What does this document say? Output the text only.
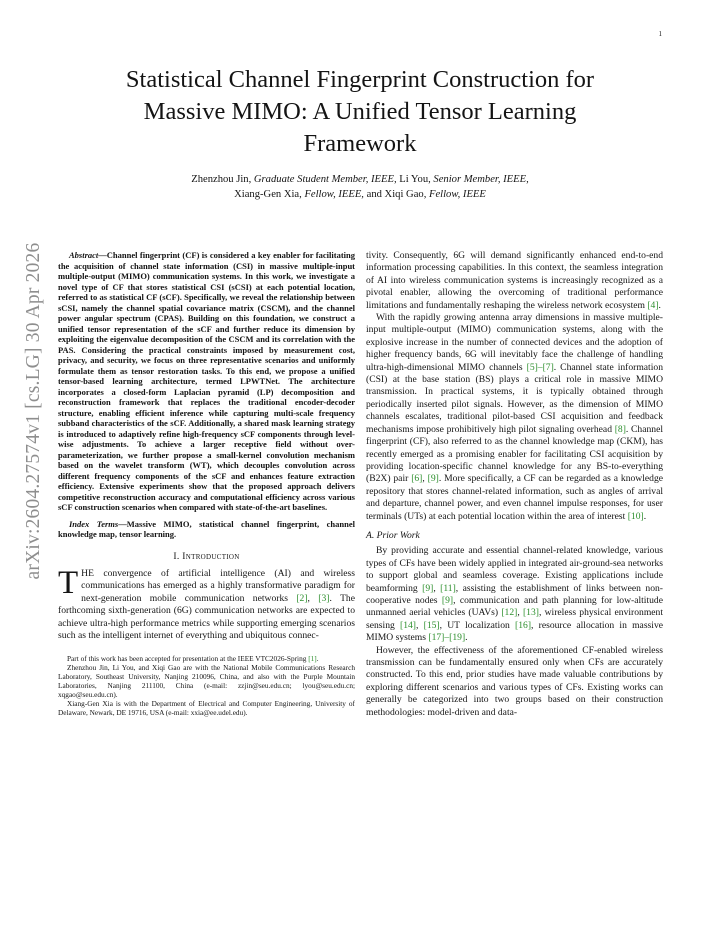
1
arXiv:2604.27574v1 [cs.LG] 30 Apr 2026
Statistical Channel Fingerprint Construction for
Massive MIMO: A Unified Tensor Learning
Framework
Zhenzhou Jin, Graduate Student Member, IEEE, Li You, Senior Member, IEEE,
Xiang-Gen Xia, Fellow, IEEE, and Xiqi Gao, Fellow, IEEE

Abstract—Channel fingerprint (CF) is considered a key enabler for facilitating the acquisition of channel state information (CSI) in massive multiple-input multiple-output (MIMO) communication systems. In this work, we investigate a novel type of CF that stores statistical CSI (sCSI) at each potential location, referred to as statistical CF (sCF). Specifically, we reveal the relationship between sCSI, namely the channel spatial covariance matrix (CSCM), and the channel power angular spectrum (CPAS). Building on this foundation, we construct a unified tensor representation of the sCF and further reduce its dimension by exploiting the eigenvalue decomposition of the CSCM and its correlation with the PAS. Considering the practical constraints imposed by measurement cost, privacy, and security, we focus on three representative scenarios and uniformly formulate them as tensor restoration tasks. To this end, we propose a unified tensor-based learning architecture, termed LPWTNet. The architecture incorporates a closed-form Laplacian pyramid (LP) decomposition and reconstruction framework that replaces the traditional encoder-decoder structure, enabling efficient inference while capturing multi-scale frequency subband characteristics of the sCF. Additionally, a shared mask learning strategy is introduced to adaptively refine high-frequency sCF components through level-wise adjustments. To achieve a larger receptive field without over-parameterization, we further propose a small-kernel convolution mechanism based on the wavelet transform (WT), which decouples convolution across different frequency components of the sCF and enhances feature extraction efficiency. Extensive experiments show that the proposed approach delivers competitive reconstruction accuracy and computational efficiency across various sCF construction scenarios when compared with state-of-the-art baselines.

Index Terms—Massive MIMO, statistical channel fingerprint, channel knowledge map, tensor learning.

I. Introduction

THE convergence of artificial intelligence (AI) and wireless communications has emerged as a highly transformative paradigm for next-generation mobile communication networks [2], [3]. The forthcoming sixth-generation (6G) communication networks are expected to achieve ultra-high performance metrics while supporting emerging scenarios such as the intelligent internet of everything and ubiquitous connec-

Part of this work has been accepted for presentation at the IEEE VTC2026-Spring [1].

Zhenzhou Jin, Li You, and Xiqi Gao are with the National Mobile Communications Research Laboratory, Southeast University, Nanjing 210096, China, and also with the Purple Mountain Laboratories, Nanjing 211100, China (e-mail: zzjin@seu.edu.cn; lyou@seu.edu.cn; xqgao@seu.edu.cn).

Xiang-Gen Xia is with the Department of Electrical and Computer Engineering, University of Delaware, Newark, DE 19716, USA (e-mail: xxia@ee.udel.edu).

tivity. Consequently, 6G will demand significantly enhanced end-to-end information processing capabilities. In this context, the seamless integration of AI into wireless communication systems is increasingly recognized as a pivotal enabler, allowing the overcoming of traditional performance limitations and fundamentally reshaping the wireless network ecosystem [4].

With the rapidly growing antenna array dimensions in massive multiple-input multiple-output (MIMO) communication systems, along with the explosive increase in the number of connected devices and the adoption of higher frequency bands, 6G will inevitably face the challenge of handling ultra-high-dimensional MIMO channels [5]–[7]. Channel state information (CSI) at the base station (BS) plays a critical role in massive MIMO transmission. In practical systems, it is typically obtained through periodically inserted pilot signals. However, as the dimension of MIMO channels escalates, traditional pilot-based CSI acquisition and feedback mechanisms impose prohibitively high pilot signaling overhead [8]. Channel fingerprint (CF), also referred to as the channel knowledge map (CKM), has recently emerged as a promising enabler for facilitating CSI acquisition by providing location-specific channel knowledge for any BS-to-everything (B2X) pair [6], [9]. More specifically, a CF can be regarded as a knowledge repository that stores channel-related information, such as angles of arrival and departure, channel power, and even channel impulse responses, for user terminals (UTs) at each potential location within the area of interest [10].

A. Prior Work

By providing accurate and essential channel-related knowledge, various types of CFs have been widely applied in integrated air-ground-sea networks to support global and seamless coverage. Existing applications include beamforming [9], [11], assisting the establishment of links between non-cooperative nodes [9], communication and path planning for low-altitude unmanned aerial vehicles (UAVs) [12], [13], wireless physical environment sensing [14], [15], UT localization [16], resource allocation in massive MIMO systems [17]–[19].

However, the effectiveness of the aforementioned CF-enabled wireless transmission can be fundamentally ensured only when CFs are accurately constructed. To this end, prior studies have made valuable contributions by exploring different scenarios and various types of CFs. Existing works can generally be categorized into two groups based on their construction methodologies: model-driven and data-
